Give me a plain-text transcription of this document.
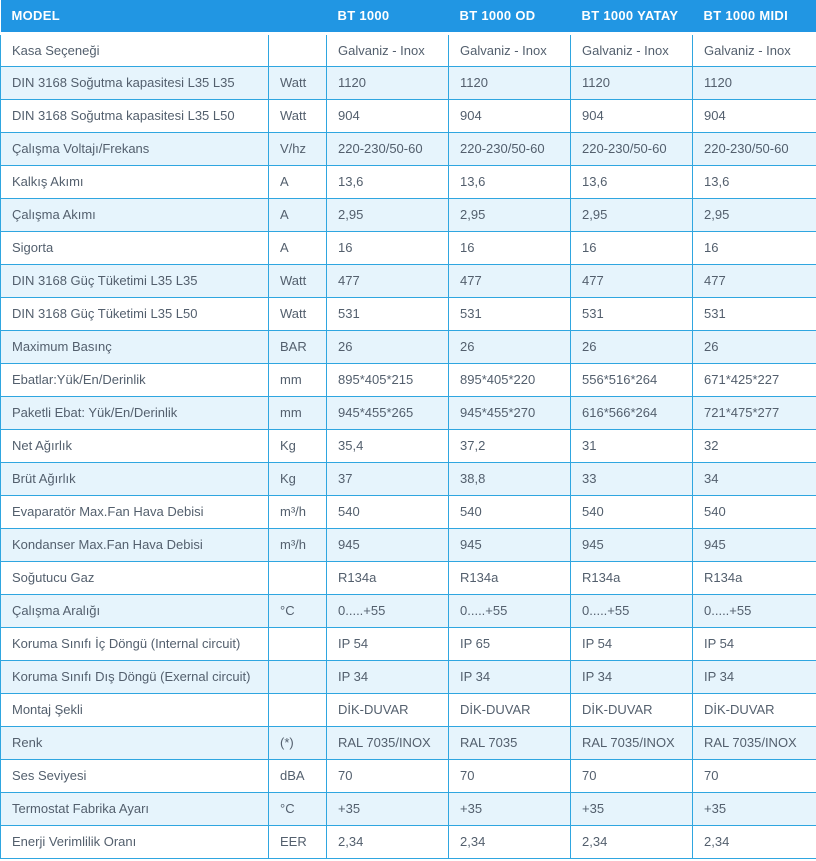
MODEL		BT 1000	BT 1000 OD	BT 1000 YATAY	BT 1000 MIDI
Kasa Seçeneği		Galvaniz - Inox	Galvaniz - Inox	Galvaniz - Inox	Galvaniz - Inox
DIN 3168 Soğutma kapasitesi L35 L35	Watt	1120	1120	1120	1120
DIN 3168 Soğutma kapasitesi L35 L50	Watt	904	904	904	904
Çalışma Voltajı/Frekans	V/hz	220-230/50-60	220-230/50-60	220-230/50-60	220-230/50-60
Kalkış Akımı	A	13,6	13,6	13,6	13,6
Çalışma Akımı	A	2,95	2,95	2,95	2,95
Sigorta	A	16	16	16	16
DIN 3168 Güç Tüketimi L35 L35	Watt	477	477	477	477
DIN 3168 Güç Tüketimi L35 L50	Watt	531	531	531	531
Maximum Basınç	BAR	26	26	26	26
Ebatlar:Yük/En/Derinlik	mm	895*405*215	895*405*220	556*516*264	671*425*227
Paketli Ebat: Yük/En/Derinlik	mm	945*455*265	945*455*270	616*566*264	721*475*277
Net Ağırlık	Kg	35,4	37,2	31	32
Brüt Ağırlık	Kg	37	38,8	33	34
Evaparatör Max.Fan Hava Debisi	m³/h	540	540	540	540
Kondanser Max.Fan Hava Debisi	m³/h	945	945	945	945
Soğutucu Gaz		R134a	R134a	R134a	R134a
Çalışma Aralığı	°C	0.....+55	0.....+55	0.....+55	0.....+55
Koruma Sınıfı İç Döngü (Internal circuit)		IP 54	IP 65	IP 54	IP 54
Koruma Sınıfı Dış Döngü (Exernal circuit)		IP 34	IP 34	IP 34	IP 34
Montaj Şekli		DİK-DUVAR	DİK-DUVAR	DİK-DUVAR	DİK-DUVAR
Renk	(*)	RAL 7035/INOX	RAL 7035	RAL 7035/INOX	RAL 7035/INOX
Ses Seviyesi	dBA	70	70	70	70
Termostat Fabrika Ayarı	°C	+35	+35	+35	+35
Enerji Verimlilik Oranı	EER	2,34	2,34	2,34	2,34
